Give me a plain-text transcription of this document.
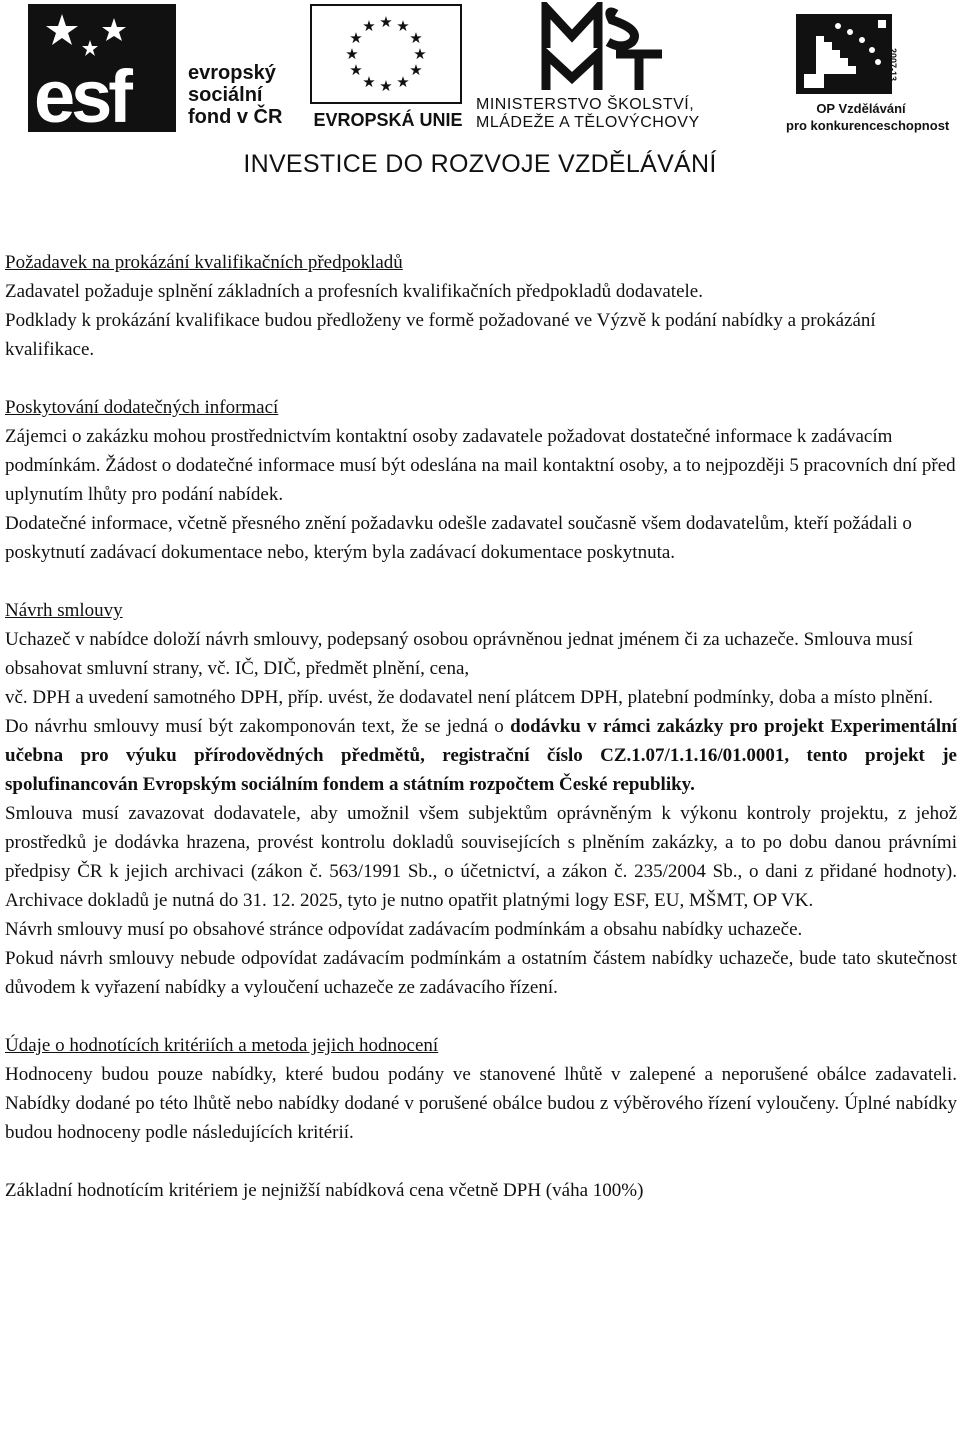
esf	evropský
sociální
fond v ČR
★ ★
★
★
★
★
★
★
★
★
★
★
EVROPSKÁ UNIE
MINISTERSTVO ŠKOLSTVÍ,
MLÁDEŽE A TĚLOVÝCHOVY
2007-13
OP Vzdělávání
pro konkurenceschopnost
INVESTICE DO ROZVOJE VZDĚLÁVÁNÍ

Požadavek na prokázání kvalifikačních předpokladů

Zadavatel požaduje splnění základních a profesních kvalifikačních předpokladů dodavatele.

Podklady k prokázání kvalifikace budou předloženy ve formě požadované ve Výzvě k podání nabídky a prokázání kvalifikace.

Poskytování dodatečných informací

Zájemci o zakázku mohou prostřednictvím kontaktní osoby zadavatele požadovat dostatečné informace k zadávacím podmínkám. Žádost o dodatečné informace musí být odeslána na mail kontaktní osoby, a to nejpozději 5 pracovních dní před uplynutím lhůty pro podání nabídek.

Dodatečné informace, včetně přesného znění požadavku odešle zadavatel současně všem dodavatelům, kteří požádali o poskytnutí zadávací dokumentace nebo, kterým byla zadávací dokumentace poskytnuta.

Návrh smlouvy

Uchazeč v nabídce doloží návrh smlouvy, podepsaný osobou oprávněnou jednat jménem či za uchazeče. Smlouva musí obsahovat smluvní strany, vč. IČ, DIČ, předmět plnění, cena,

vč. DPH a uvedení samotného DPH, příp. uvést, že dodavatel není plátcem DPH, platební podmínky, doba a místo plnění.

Do návrhu smlouvy musí být zakomponován text, že se jedná o dodávku v rámci zakázky pro projekt Experimentální učebna pro výuku přírodovědných předmětů, registrační číslo CZ.1.07/1.1.16/01.0001, tento projekt je spolufinancován Evropským sociálním fondem a státním rozpočtem České republiky.

Smlouva musí zavazovat dodavatele, aby umožnil všem subjektům oprávněným k výkonu kontroly projektu, z jehož prostředků je dodávka hrazena, provést kontrolu dokladů souvisejících s plněním zakázky, a to po dobu danou právními předpisy ČR k jejich archivaci (zákon č. 563/1991 Sb., o účetnictví, a zákon č. 235/2004 Sb., o dani z přidané hodnoty). Archivace dokladů je nutná do 31. 12. 2025, tyto je nutno opatřit platnými logy ESF, EU, MŠMT, OP VK.

Návrh smlouvy musí po obsahové stránce odpovídat zadávacím podmínkám a obsahu nabídky uchazeče.

Pokud návrh smlouvy nebude odpovídat zadávacím podmínkám a ostatním částem nabídky uchazeče, bude tato skutečnost důvodem k vyřazení nabídky a vyloučení uchazeče ze zadávacího řízení.

Údaje o hodnotících kritériích a metoda jejich hodnocení

Hodnoceny budou pouze nabídky, které budou podány ve stanovené lhůtě v zalepené a neporušené obálce zadavateli. Nabídky dodané po této lhůtě nebo nabídky dodané v porušené obálce budou z výběrového řízení vyloučeny. Úplné nabídky budou hodnoceny podle následujících kritérií.

Základní hodnotícím kritériem je nejnižší nabídková cena včetně DPH (váha 100%)
